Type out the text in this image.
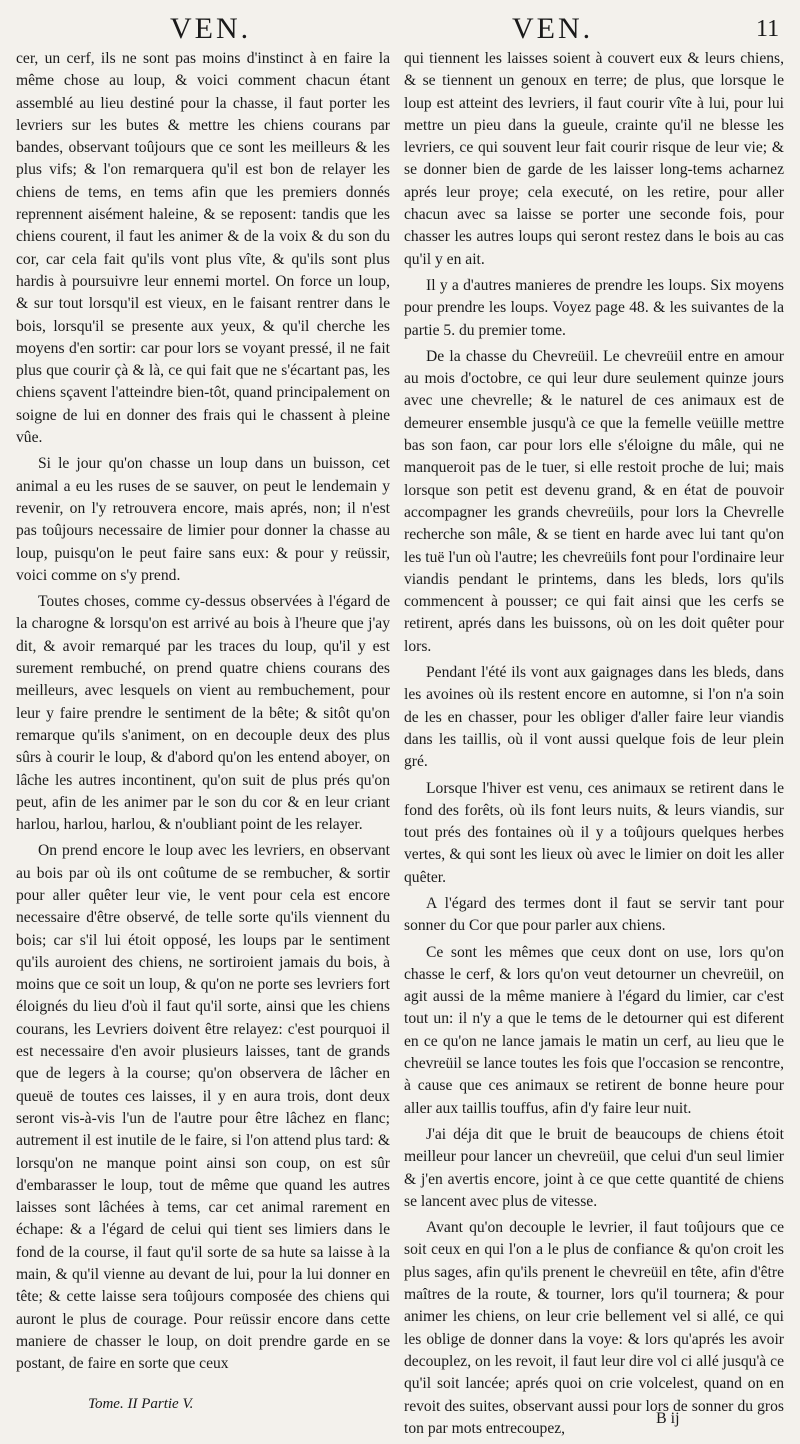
VEN.	VEN.	11

cer, un cerf, ils ne sont pas moins d'instinct à en faire la même chose au loup, & voici comment chacun étant assemblé au lieu destiné pour la chasse, il faut porter les levriers sur les butes & mettre les chiens courans par bandes, observant toûjours que ce sont les meilleurs & les plus vifs; & l'on remarquera qu'il est bon de relayer les chiens de tems, en tems afin que les premiers donnés reprennent aisément haleine, & se reposent: tandis que les chiens courent, il faut les animer & de la voix & du son du cor, car cela fait qu'ils vont plus vîte, & qu'ils sont plus hardis à poursuivre leur ennemi mortel. On force un loup, & sur tout lorsqu'il est vieux, en le faisant rentrer dans le bois, lorsqu'il se presente aux yeux, & qu'il cherche les moyens d'en sortir: car pour lors se voyant pressé, il ne fait plus que courir çà & là, ce qui fait que ne s'écartant pas, les chiens sçavent l'atteindre bien-tôt, quand principalement on soigne de lui en donner des frais qui le chassent à pleine vûe.

Si le jour qu'on chasse un loup dans un buisson, cet animal a eu les ruses de se sauver, on peut le lendemain y revenir, on l'y retrouvera encore, mais aprés, non; il n'est pas toûjours necessaire de limier pour donner la chasse au loup, puisqu'on le peut faire sans eux: & pour y reüssir, voici comme on s'y prend.

Toutes choses, comme cy-dessus observées à l'égard de la charogne & lorsqu'on est arrivé au bois à l'heure que j'ay dit, & avoir remarqué par les traces du loup, qu'il y est surement rembuché, on prend quatre chiens courans des meilleurs, avec lesquels on vient au rembuchement, pour leur y faire prendre le sentiment de la bête; & sitôt qu'on remarque qu'ils s'animent, on en decouple deux des plus sûrs à courir le loup, & d'abord qu'on les entend aboyer, on lâche les autres incontinent, qu'on suit de plus prés qu'on peut, afin de les animer par le son du cor & en leur criant harlou, harlou, harlou, & n'oubliant point de les relayer.

On prend encore le loup avec les levriers, en observant au bois par où ils ont coûtume de se rembucher, & sortir pour aller quêter leur vie, le vent pour cela est encore necessaire d'être observé, de telle sorte qu'ils viennent du bois; car s'il lui étoit opposé, les loups par le sentiment qu'ils auroient des chiens, ne sortiroient jamais du bois, à moins que ce soit un loup, & qu'on ne porte ses levriers fort éloignés du lieu d'où il faut qu'il sorte, ainsi que les chiens courans, les Levriers doivent être relayez: c'est pourquoi il est necessaire d'en avoir plusieurs laisses, tant de grands que de legers à la course; qu'on observera de lâcher en queuë de toutes ces laisses, il y en aura trois, dont deux seront vis-à-vis l'un de l'autre pour être lâchez en flanc; autrement il est inutile de le faire, si l'on attend plus tard: & lorsqu'on ne manque point ainsi son coup, on est sûr d'embarasser le loup, tout de même que quand les autres laisses sont lâchées à tems, car cet animal rarement en échape: & a l'égard de celui qui tient ses limiers dans le fond de la course, il faut qu'il sorte de sa hute sa laisse à la main, & qu'il vienne au devant de lui, pour la lui donner en tête; & cette laisse sera toûjours composée des chiens qui auront le plus de courage. Pour reüssir encore dans cette maniere de chasser le loup, on doit prendre garde en se postant, de faire en sorte que ceux

qui tiennent les laisses soient à couvert eux & leurs chiens, & se tiennent un genoux en terre; de plus, que lorsque le loup est atteint des levriers, il faut courir vîte à lui, pour lui mettre un pieu dans la gueule, crainte qu'il ne blesse les levriers, ce qui souvent leur fait courir risque de leur vie; & se donner bien de garde de les laisser long-tems acharnez aprés leur proye; cela executé, on les retire, pour aller chacun avec sa laisse se porter une seconde fois, pour chasser les autres loups qui seront restez dans le bois au cas qu'il y en ait.

Il y a d'autres manieres de prendre les loups. Six moyens pour prendre les loups. Voyez page 48. & les suivantes de la partie 5. du premier tome.

De la chasse du Chevreüil. Le chevreüil entre en amour au mois d'octobre, ce qui leur dure seulement quinze jours avec une chevrelle; & le naturel de ces animaux est de demeurer ensemble jusqu'à ce que la femelle veüille mettre bas son faon, car pour lors elle s'éloigne du mâle, qui ne manqueroit pas de le tuer, si elle restoit proche de lui; mais lorsque son petit est devenu grand, & en état de pouvoir accompagner les grands chevreüils, pour lors la Chevrelle recherche son mâle, & se tient en harde avec lui tant qu'on les tuë l'un où l'autre; les chevreüils font pour l'ordinaire leur viandis pendant le printems, dans les bleds, lors qu'ils commencent à pousser; ce qui fait ainsi que les cerfs se retirent, aprés dans les buissons, où on les doit quêter pour lors.

Pendant l'été ils vont aux gaignages dans les bleds, dans les avoines où ils restent encore en automne, si l'on n'a soin de les en chasser, pour les obliger d'aller faire leur viandis dans les taillis, où il vont aussi quelque fois de leur plein gré.

Lorsque l'hiver est venu, ces animaux se retirent dans le fond des forêts, où ils font leurs nuits, & leurs viandis, sur tout prés des fontaines où il y a toûjours quelques herbes vertes, & qui sont les lieux où avec le limier on doit les aller quêter.

A l'égard des termes dont il faut se servir tant pour sonner du Cor que pour parler aux chiens.

Ce sont les mêmes que ceux dont on use, lors qu'on chasse le cerf, & lors qu'on veut detourner un chevreüil, on agit aussi de la même maniere à l'égard du limier, car c'est tout un: il n'y a que le tems de le detourner qui est diferent en ce qu'on ne lance jamais le matin un cerf, au lieu que le chevreüil se lance toutes les fois que l'occasion se rencontre, à cause que ces animaux se retirent de bonne heure pour aller aux taillis touffus, afin d'y faire leur nuit.

J'ai déja dit que le bruit de beaucoups de chiens étoit meilleur pour lancer un chevreüil, que celui d'un seul limier & j'en avertis encore, joint à ce que cette quantité de chiens se lancent avec plus de vitesse.

Avant qu'on decouple le levrier, il faut toûjours que ce soit ceux en qui l'on a le plus de confiance & qu'on croit les plus sages, afin qu'ils prenent le chevreüil en tête, afin d'être maîtres de la route, & tourner, lors qu'il tournera; & pour animer les chiens, on leur crie bellement vel si allé, ce qui les oblige de donner dans la voye: & lors qu'aprés les avoir decouplez, on les revoit, il faut leur dire vol ci allé jusqu'à ce qu'il soit lancée; aprés quoi on crie volcelest, quand on en revoit des suites, observant aussi pour lors de sonner du gros ton par mots entrecoupez,

Tome. II Partie V.
B ij
